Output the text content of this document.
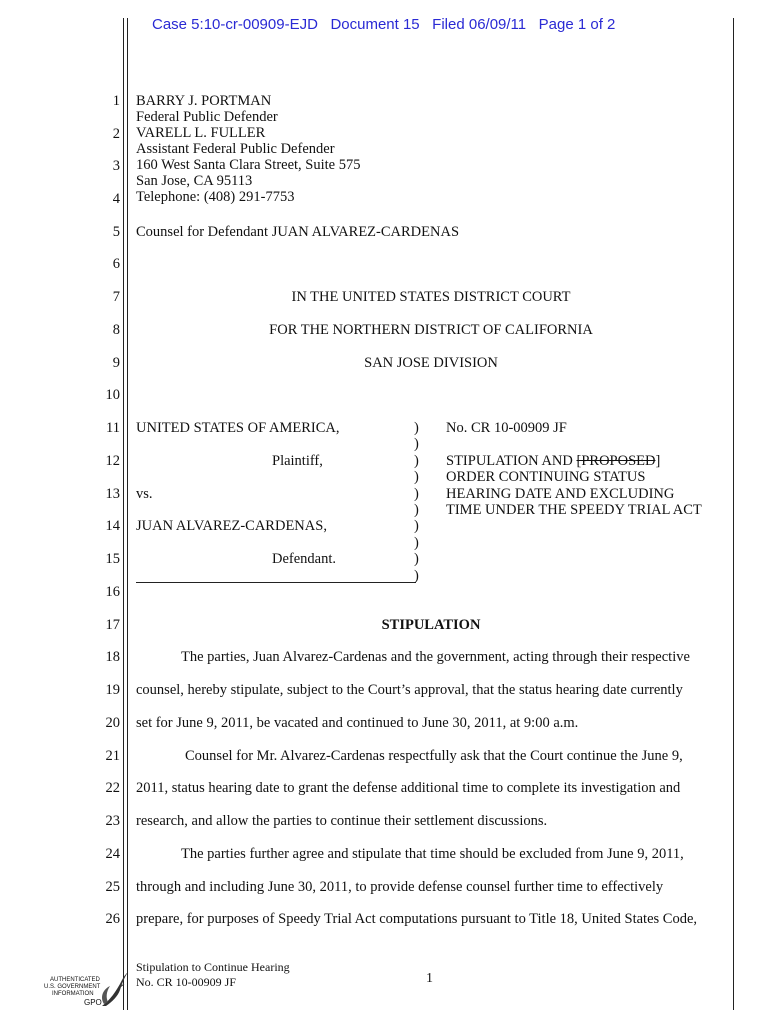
Case 5:10-cr-00909-EJD Document 15 Filed 06/09/11 Page 1 of 2
1
2
3
4
5
6
7
8
9
10
11
12
13
14
15
16
17
18
19
20
21
22
23
24
25
26
BARRY J. PORTMAN
Federal Public Defender
VARELL L. FULLER
Assistant Federal Public Defender
160 West Santa Clara Street, Suite 575
San Jose, CA 95113
Telephone: (408) 291-7753
Counsel for Defendant JUAN ALVAREZ-CARDENAS
IN THE UNITED STATES DISTRICT COURT
FOR THE NORTHERN DISTRICT OF CALIFORNIA
SAN JOSE DIVISION
UNITED STATES OF AMERICA,
Plaintiff,
vs.
JUAN ALVAREZ-CARDENAS,
Defendant.
)
)
)
)
)
)
)
)
)
)
No. CR 10-00909 JF
STIPULATION AND [PROPOSED]
ORDER CONTINUING STATUS
HEARING DATE AND EXCLUDING
TIME UNDER THE SPEEDY TRIAL ACT
STIPULATION
The parties, Juan Alvarez-Cardenas and the government, acting through their respective
counsel, hereby stipulate, subject to the Court’s approval, that the status hearing date currently
set for June 9, 2011, be vacated and continued to June 30, 2011, at 9:00 a.m.
Counsel for Mr. Alvarez-Cardenas respectfully ask that the Court continue the June 9,
2011, status hearing date to grant the defense additional time to complete its investigation and
research, and allow the parties to continue their settlement discussions.
The parties further agree and stipulate that time should be excluded from June 9, 2011,
through and including June 30, 2011, to provide defense counsel further time to effectively
prepare, for purposes of Speedy Trial Act computations pursuant to Title 18, United States Code,
Stipulation to Continue Hearing
No. CR 10-00909 JF	1
AUTHENTICATED
U.S. GOVERNMENT
INFORMATION
GPO
